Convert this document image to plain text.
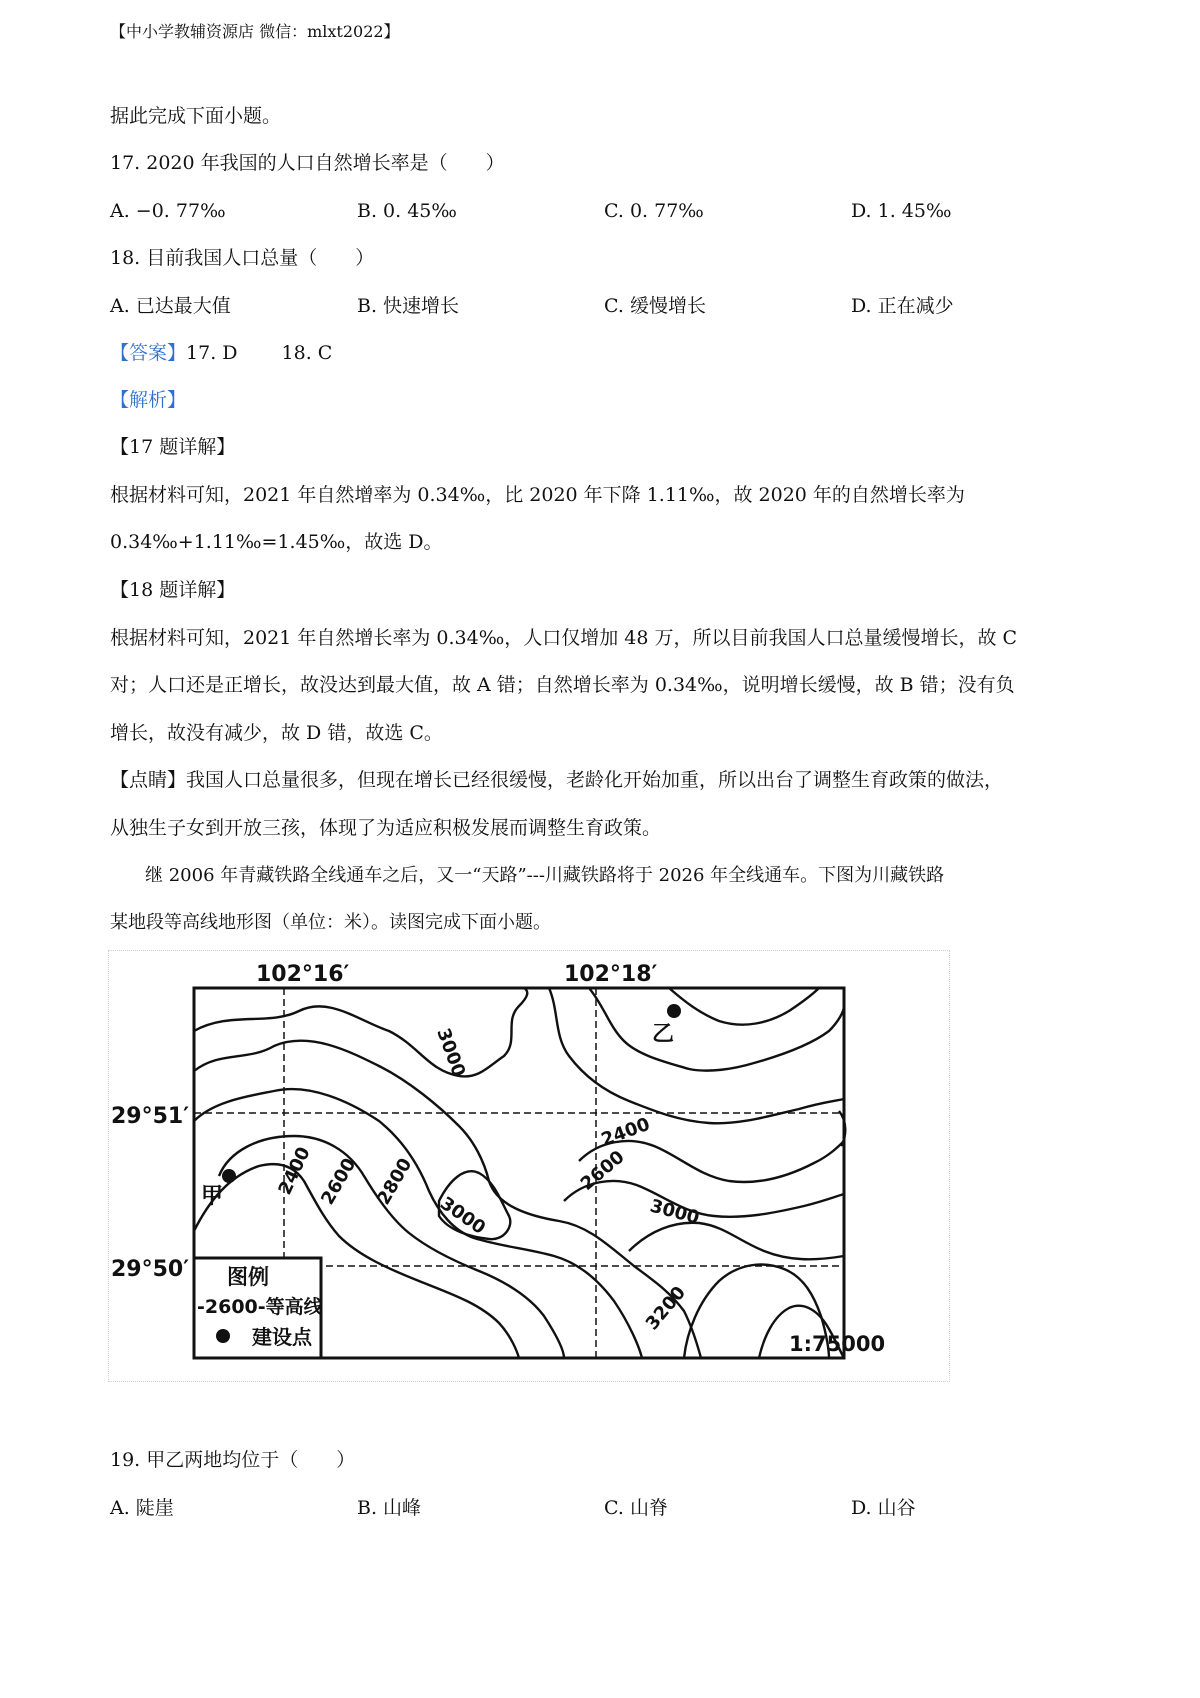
【中小学教辅资源店 微信：mlxt2022】
据此完成下面小题。
17. 2020 年我国的人口自然增长率是（　　）
A. −0. 77‰	B. 0. 45‰	C. 0. 77‰	D. 1. 45‰
18. 目前我国人口总量（　　）
A. 已达最大值	B. 快速增长	C. 缓慢增长	D. 正在减少
【答案】17. D　　 18. C
【解析】
【17 题详解】
根据材料可知，2021 年自然增率为 0.34‰，比 2020 年下降 1.11‰，故 2020 年的自然增长率为
0.34‰+1.11‰=1.45‰，故选 D。
【18 题详解】
根据材料可知，2021 年自然增长率为 0.34‰，人口仅增加 48 万，所以目前我国人口总量缓慢增长，故 C
对；人口还是正增长，故没达到最大值，故 A 错；自然增长率为 0.34‰，说明增长缓慢，故 B 错；没有负
增长，故没有减少，故 D 错，故选 C。
【点睛】我国人口总量很多，但现在增长已经很缓慢，老龄化开始加重，所以出台了调整生育政策的做法，
从独生子女到开放三孩，体现了为适应积极发展而调整生育政策。
继 2006 年青藏铁路全线通车之后，又一“天路”---川藏铁路将于 2026 年全线通车。下图为川藏铁路
某地段等高线地形图（单位：米）。读图完成下面小题。
102°16′	102°18′
29°51′
29°50′
3000
2400 2600
2400
2600
2800
3000	3000
3200
甲
乙
图例
-2600-等高线
建设点	1:75000
19. 甲乙两地均位于（　　）
A. 陡崖	B. 山峰	C. 山脊	D. 山谷
